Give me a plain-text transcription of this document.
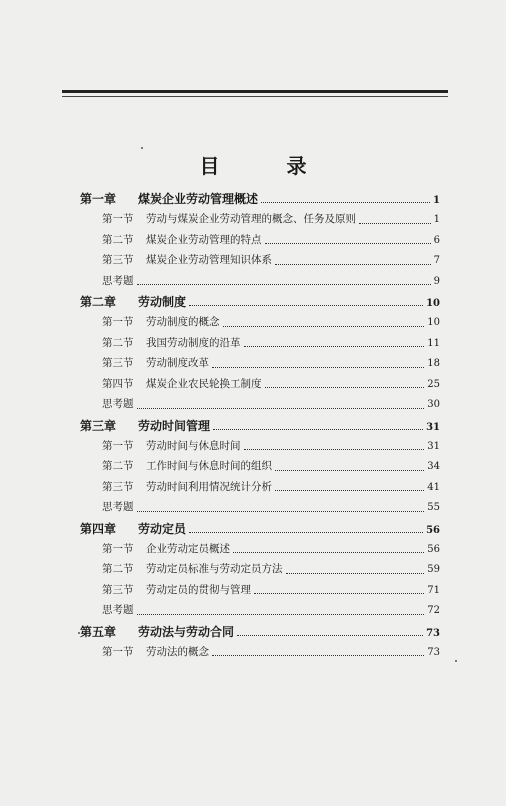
目 录
第一章 煤炭企业劳动管理概述	1
第一节 劳动与煤炭企业劳动管理的概念、任务及原则	1
第二节 煤炭企业劳动管理的特点	6
第三节 煤炭企业劳动管理知识体系	7
思考题	9
第二章 劳动制度	10
第一节 劳动制度的概念	10
第二节 我国劳动制度的沿革	11
第三节 劳动制度改革	18
第四节 煤炭企业农民轮换工制度	25
思考题	30
第三章 劳动时间管理	31
第一节 劳动时间与休息时间	31
第二节 工作时间与休息时间的组织	34
第三节 劳动时间利用情况统计分析	41
思考题	55
第四章 劳动定员	56
第一节 企业劳动定员概述	56
第二节 劳动定员标准与劳动定员方法	59
第三节 劳动定员的贯彻与管理	71
思考题	72
第五章 劳动法与劳动合同	73
第一节 劳动法的概念	73
